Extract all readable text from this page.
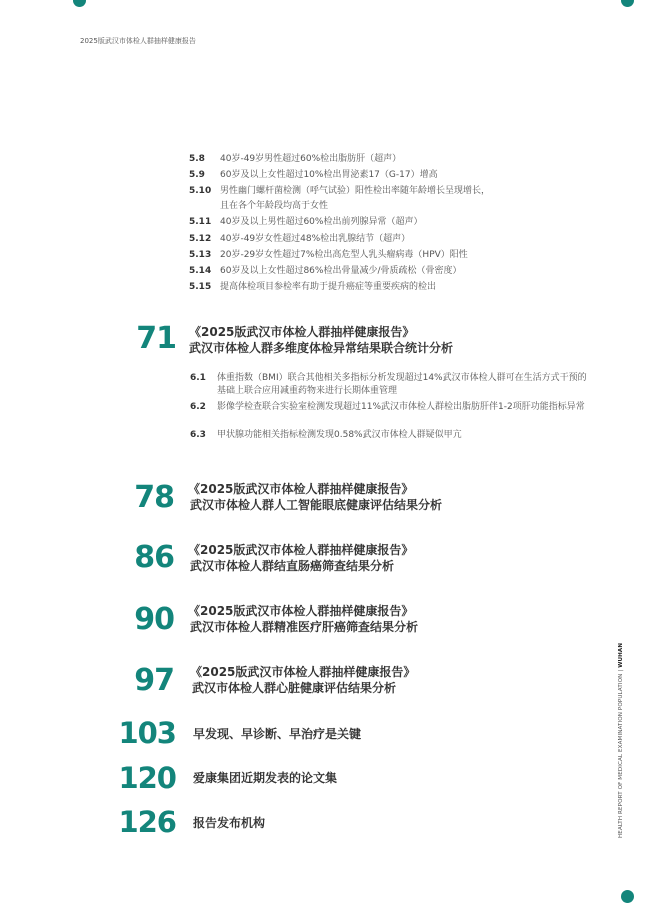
2025版武汉市体检人群抽样健康报告
HEALTH REPORT OF MEDICAL EXAMINATION POPULATION | WUHAN
5.8 40岁-49岁男性超过60%检出脂肪肝（超声）
5.9 60岁及以上女性超过10%检出胃泌素17（G-17）增高
5.10 男性幽门螺杆菌检测（呼气试验）阳性检出率随年龄增长呈现增长，
且在各个年龄段均高于女性
5.11 40岁及以上男性超过60%检出前列腺异常（超声）
5.12 40岁-49岁女性超过48%检出乳腺结节（超声）
5.13 20岁-29岁女性超过7%检出高危型人乳头瘤病毒（HPV）阳性
5.14 60岁及以上女性超过86%检出骨量减少/骨质疏松（骨密度）
5.15 提高体检项目参检率有助于提升癌症等重要疾病的检出
71 《2025版武汉市体检人群抽样健康报告》
武汉市体检人群多维度体检异常结果联合统计分析
6.1 体重指数（BMI）联合其他相关多指标分析发现超过14%武汉市体检人群可在生活方式干预的基础上联合应用减重药物来进行长期体重管理
6.2 影像学检查联合实验室检测发现超过11%武汉市体检人群检出脂肪肝伴1-2项肝功能指标异常
6.3 甲状腺功能相关指标检测发现0.58%武汉市体检人群疑似甲亢
78 《2025版武汉市体检人群抽样健康报告》
武汉市体检人群人工智能眼底健康评估结果分析
86 《2025版武汉市体检人群抽样健康报告》
武汉市体检人群结直肠癌筛查结果分析
90 《2025版武汉市体检人群抽样健康报告》
武汉市体检人群精准医疗肝癌筛查结果分析
97 《2025版武汉市体检人群抽样健康报告》
武汉市体检人群心脏健康评估结果分析
103 早发现、早诊断、早治疗是关键
120 爱康集团近期发表的论文集
126 报告发布机构
